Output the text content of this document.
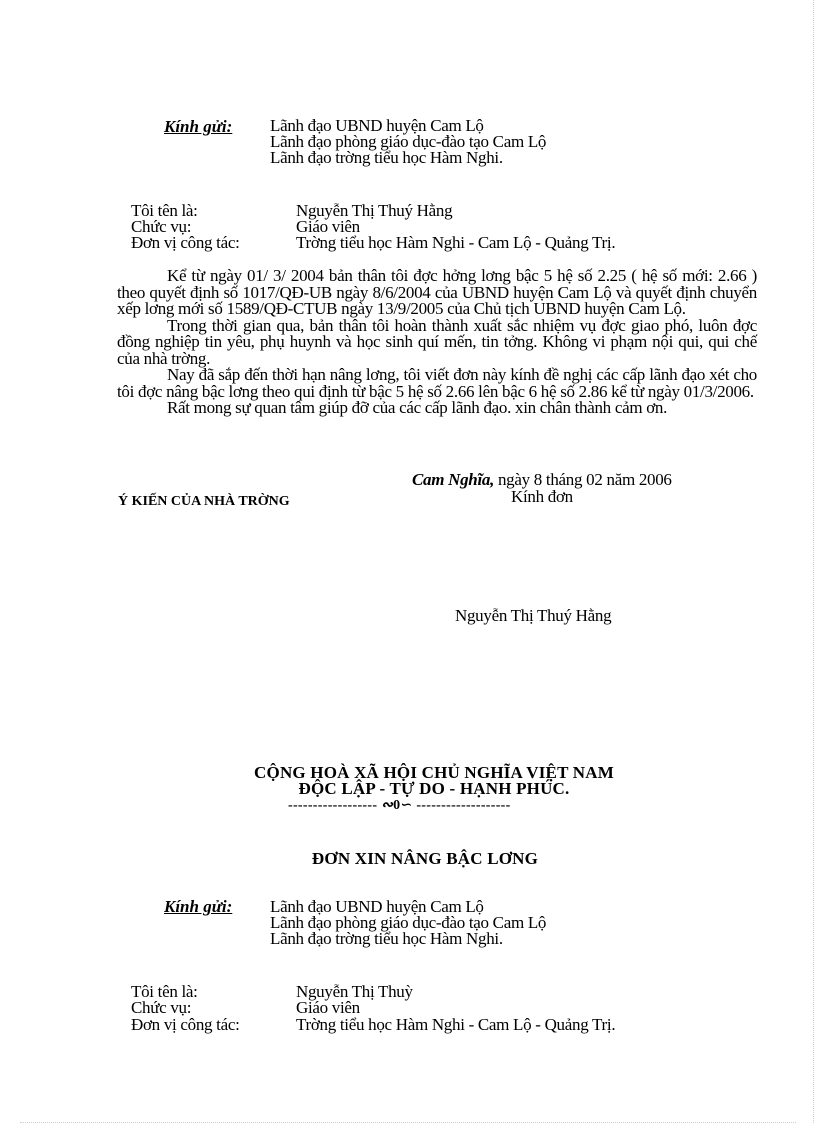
Kính gửi: Lãnh đạo UBND huyện Cam Lộ
Lãnh đạo phòng giáo dục-đào tạo Cam Lộ
Lãnh đạo trờng tiểu học Hàm Nghi.
Tôi tên là:	Nguyễn Thị Thuý Hằng
Chức vụ:	Giáo viên
Đơn vị công tác:	Trờng tiểu học Hàm Nghi - Cam Lộ - Quảng Trị.

Kể từ ngày 01/ 3/ 2004 bản thân tôi đợc hởng lơng bậc 5 hệ số 2.25 ( hệ số mới: 2.66 ) theo quyết định số 1017/QĐ-UB ngày 8/6/2004 của UBND huyện Cam Lộ và quyết định chuyển xếp lơng mới số 1589/QĐ-CTUB ngày 13/9/2005 của Chủ tịch UBND huyện Cam Lộ.

Trong thời gian qua, bản thân tôi hoàn thành xuất sắc nhiệm vụ đợc giao phó, luôn đợc đồng nghiệp tin yêu, phụ huynh và học sinh quí mến, tin tởng. Không vi phạm nội qui, qui chế của nhà trờng.

Nay đã sắp đến thời hạn nâng lơng, tôi viết đơn này kính đề nghị các cấp lãnh đạo xét cho tôi đợc nâng bậc lơng theo qui định từ bậc 5 hệ số 2.66 lên bậc 6 hệ số 2.86 kể từ ngày 01/3/2006.

Rất mong sự quan tâm giúp đỡ của các cấp lãnh đạo. xin chân thành cảm ơn.

Cam Nghĩa, ngày 8 tháng 02 năm 2006
Kính đơn
Ý KIẾN CỦA NHÀ TRỜNG
Nguyễn Thị Thuý Hằng
CỘNG HOÀ XÃ HỘI CHỦ NGHĨA VIỆT NAM
ĐỘC LẬP - TỰ DO - HẠNH PHÚC.
------------------ ∾0∽ -------------------
ĐƠN XIN NÂNG BẬC LƠNG
Kính gửi: Lãnh đạo UBND huyện Cam Lộ
Lãnh đạo phòng giáo dục-đào tạo Cam Lộ
Lãnh đạo trờng tiểu học Hàm Nghi.
Tôi tên là:	Nguyễn Thị Thuỳ
Chức vụ:	Giáo viên
Đơn vị công tác:	Trờng tiểu học Hàm Nghi - Cam Lộ - Quảng Trị.
